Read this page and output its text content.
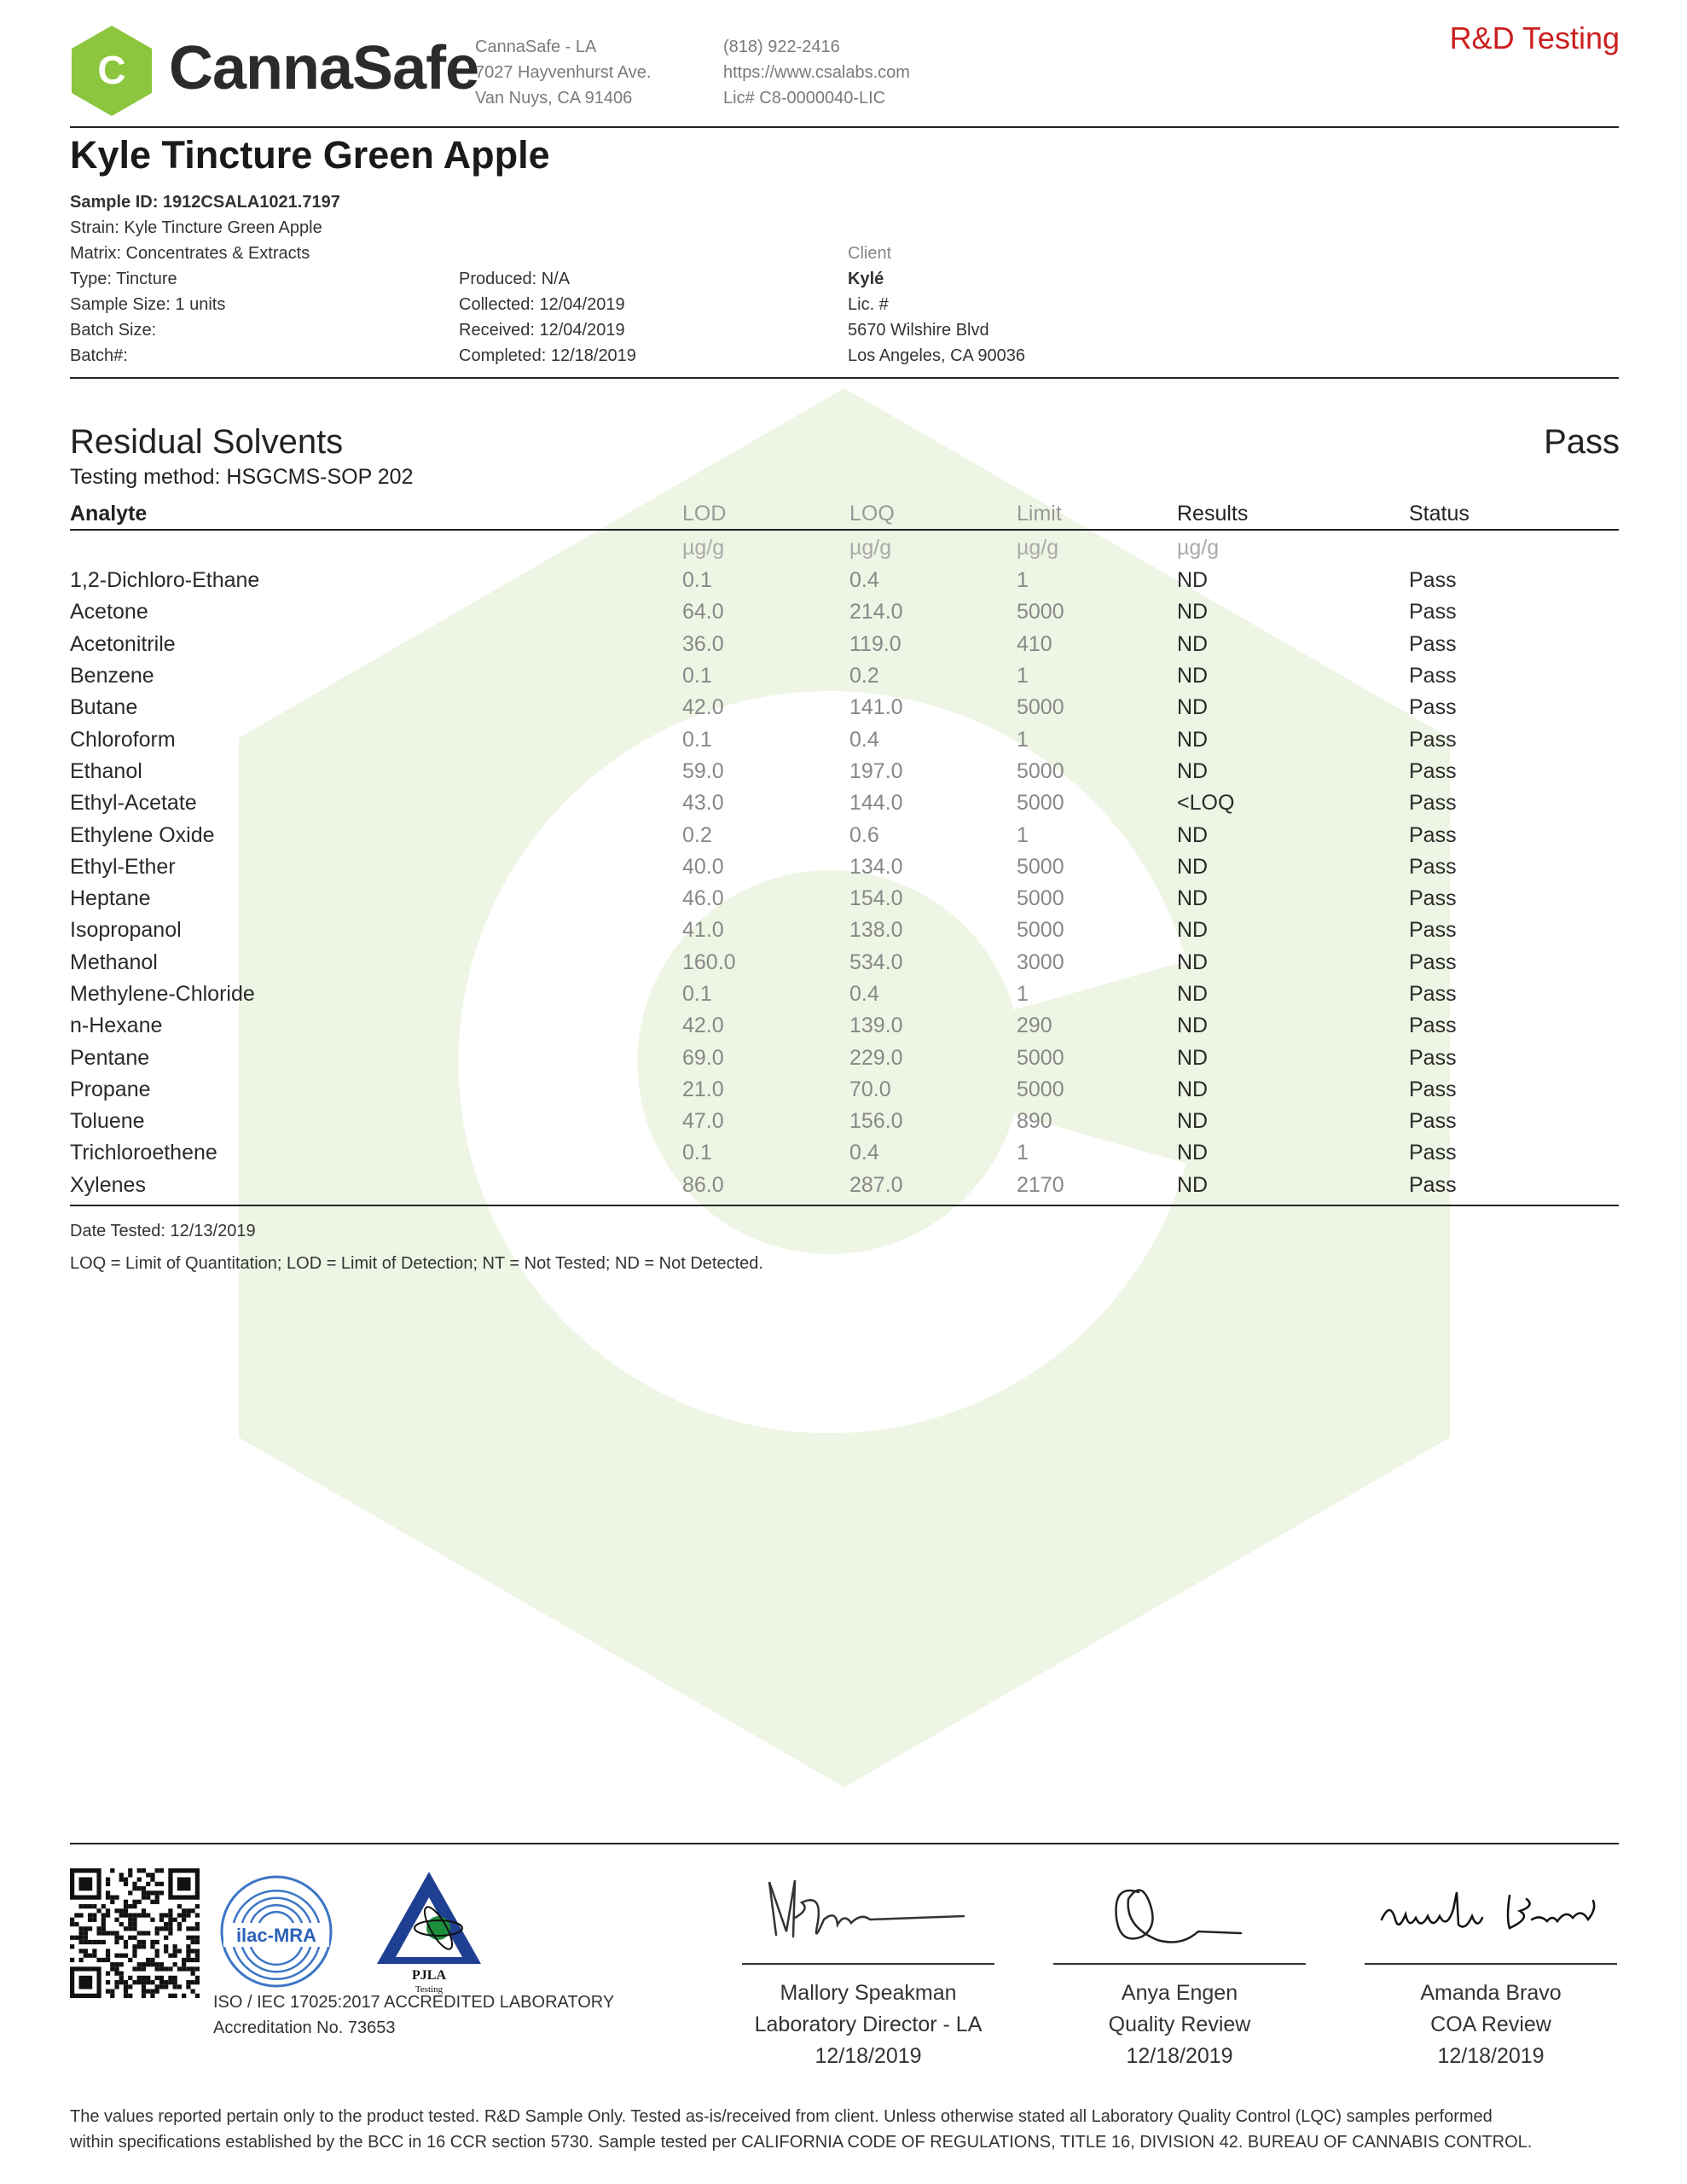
C CannaSafe
CannaSafe - LA
7027 Hayvenhurst Ave.
Van Nuys, CA 91406
(818) 922-2416
https://www.csalabs.com
Lic# C8-0000040-LIC
R&D Testing
Kyle Tincture Green Apple
Sample ID: 1912CSALA1021.7197
Strain: Kyle Tincture Green Apple
Matrix: Concentrates & Extracts
Type: Tincture
Sample Size: 1 units
Batch Size:
Batch#:
Produced: N/A
Collected: 12/04/2019
Received: 12/04/2019
Completed: 12/18/2019
Client
Kylé
Lic. #
5670 Wilshire Blvd
Los Angeles, CA 90036
Residual Solvents	Pass
Testing method: HSGCMS-SOP 202
Analyte	LOD	LOQ	Limit	Results	Status
	µg/g	µg/g	µg/g	µg/g	
1,2-Dichloro-Ethane	0.1	0.4	1	ND	Pass
Acetone	64.0	214.0	5000	ND	Pass
Acetonitrile	36.0	119.0	410	ND	Pass
Benzene	0.1	0.2	1	ND	Pass
Butane	42.0	141.0	5000	ND	Pass
Chloroform	0.1	0.4	1	ND	Pass
Ethanol	59.0	197.0	5000	ND	Pass
Ethyl-Acetate	43.0	144.0	5000	<LOQ	Pass
Ethylene Oxide	0.2	0.6	1	ND	Pass
Ethyl-Ether	40.0	134.0	5000	ND	Pass
Heptane	46.0	154.0	5000	ND	Pass
Isopropanol	41.0	138.0	5000	ND	Pass
Methanol	160.0	534.0	3000	ND	Pass
Methylene-Chloride	0.1	0.4	1	ND	Pass
n-Hexane	42.0	139.0	290	ND	Pass
Pentane	69.0	229.0	5000	ND	Pass
Propane	21.0	70.0	5000	ND	Pass
Toluene	47.0	156.0	890	ND	Pass
Trichloroethene	0.1	0.4	1	ND	Pass
Xylenes	86.0	287.0	2170	ND	Pass
Date Tested: 12/13/2019
LOQ = Limit of Quantitation; LOD = Limit of Detection; NT = Not Tested; ND = Not Detected.
ilac-MRA
PJLA
Testing
ISO / IEC 17025:2017 ACCREDITED LABORATORY
Accreditation No. 73653
Mallory Speakman
Laboratory Director - LA
12/18/2019
Anya Engen
Quality Review
12/18/2019
Amanda Bravo
COA Review
12/18/2019
The values reported pertain only to the product tested. R&D Sample Only. Tested as-is/received from client. Unless otherwise stated all Laboratory Quality Control (LQC) samples performed
within specifications established by the BCC in 16 CCR section 5730. Sample tested per CALIFORNIA CODE OF REGULATIONS, TITLE 16, DIVISION 42. BUREAU OF CANNABIS CONTROL.
